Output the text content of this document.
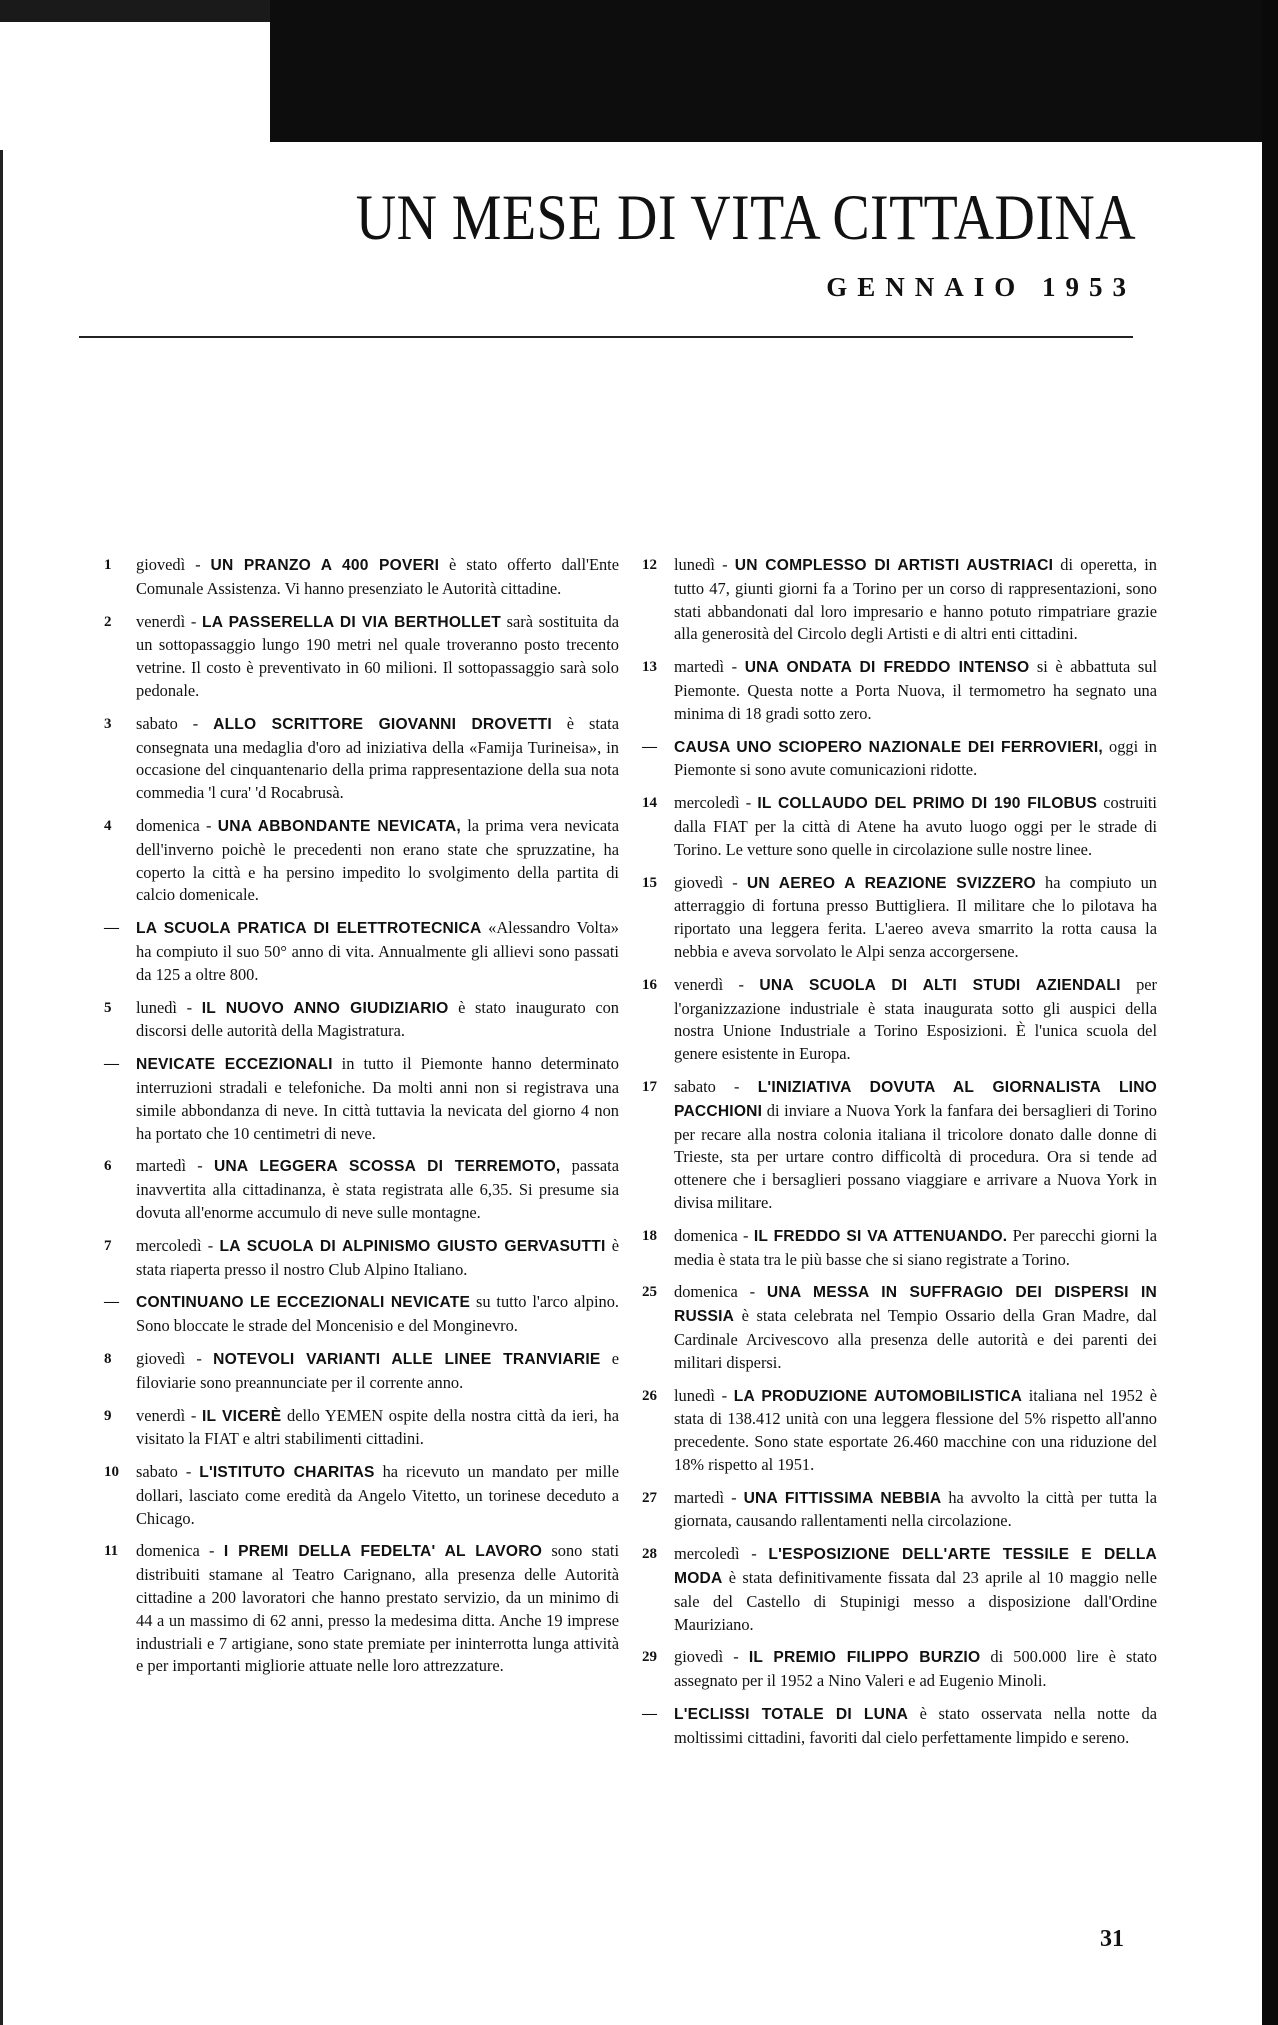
UN MESE DI VITA CITTADINA
GENNAIO 1953
1	giovedì - UN PRANZO A 400 POVERI è stato offerto dall'Ente Comunale Assistenza. Vi hanno presenziato le Autorità cittadine.
2	venerdì - LA PASSERELLA DI VIA BERTHOLLET sarà sostituita da un sottopassaggio lungo 190 metri nel quale troveranno posto trecento vetrine. Il costo è preventivato in 60 milioni. Il sottopassaggio sarà solo pedonale.
3	sabato - ALLO SCRITTORE GIOVANNI DROVETTI è stata consegnata una medaglia d'oro ad iniziativa della «Famija Turineisa», in occasione del cinquantenario della prima rappresentazione della sua nota commedia 'l cura' 'd Rocabrusà.
4	domenica - UNA ABBONDANTE NEVICATA, la prima vera nevicata dell'inverno poichè le precedenti non erano state che spruzzatine, ha coperto la città e ha persino impedito lo svolgimento della partita di calcio domenicale.
—	LA SCUOLA PRATICA DI ELETTROTECNICA «Alessandro Volta» ha compiuto il suo 50° anno di vita. Annualmente gli allievi sono passati da 125 a oltre 800.
5	lunedì - IL NUOVO ANNO GIUDIZIARIO è stato inaugurato con discorsi delle autorità della Magistratura.
—	NEVICATE ECCEZIONALI in tutto il Piemonte hanno determinato interruzioni stradali e telefoniche. Da molti anni non si registrava una simile abbondanza di neve. In città tuttavia la nevicata del giorno 4 non ha portato che 10 centimetri di neve.
6	martedì - UNA LEGGERA SCOSSA DI TERREMOTO, passata inavvertita alla cittadinanza, è stata registrata alle 6,35. Si presume sia dovuta all'enorme accumulo di neve sulle montagne.
7	mercoledì - LA SCUOLA DI ALPINISMO GIUSTO GERVASUTTI è stata riaperta presso il nostro Club Alpino Italiano.
—	CONTINUANO LE ECCEZIONALI NEVICATE su tutto l'arco alpino. Sono bloccate le strade del Moncenisio e del Monginevro.
8	giovedì - NOTEVOLI VARIANTI ALLE LINEE TRANVIARIE e filoviarie sono preannunciate per il corrente anno.
9	venerdì - IL VICERÈ dello YEMEN ospite della nostra città da ieri, ha visitato la FIAT e altri stabilimenti cittadini.
10	sabato - L'ISTITUTO CHARITAS ha ricevuto un mandato per mille dollari, lasciato come eredità da Angelo Vitetto, un torinese deceduto a Chicago.
11	domenica - I PREMI DELLA FEDELTA' AL LAVORO sono stati distribuiti stamane al Teatro Carignano, alla presenza delle Autorità cittadine a 200 lavoratori che hanno prestato servizio, da un minimo di 44 a un massimo di 62 anni, presso la medesima ditta. Anche 19 imprese industriali e 7 artigiane, sono state premiate per ininterrotta lunga attività e per importanti migliorie attuate nelle loro attrezzature.
12	lunedì - UN COMPLESSO DI ARTISTI AUSTRIACI di operetta, in tutto 47, giunti giorni fa a Torino per un corso di rappresentazioni, sono stati abbandonati dal loro impresario e hanno potuto rimpatriare grazie alla generosità del Circolo degli Artisti e di altri enti cittadini.
13	martedì - UNA ONDATA DI FREDDO INTENSO si è abbattuta sul Piemonte. Questa notte a Porta Nuova, il termometro ha segnato una minima di 18 gradi sotto zero.
—	CAUSA UNO SCIOPERO NAZIONALE DEI FERROVIERI, oggi in Piemonte si sono avute comunicazioni ridotte.
14	mercoledì - IL COLLAUDO DEL PRIMO DI 190 FILOBUS costruiti dalla FIAT per la città di Atene ha avuto luogo oggi per le strade di Torino. Le vetture sono quelle in circolazione sulle nostre linee.
15	giovedì - UN AEREO A REAZIONE SVIZZERO ha compiuto un atterraggio di fortuna presso Buttigliera. Il militare che lo pilotava ha riportato una leggera ferita. L'aereo aveva smarrito la rotta causa la nebbia e aveva sorvolato le Alpi senza accorgersene.
16	venerdì - UNA SCUOLA DI ALTI STUDI AZIENDALI per l'organizzazione industriale è stata inaugurata sotto gli auspici della nostra Unione Industriale a Torino Esposizioni. È l'unica scuola del genere esistente in Europa.
17	sabato - L'INIZIATIVA DOVUTA AL GIORNALISTA LINO PACCHIONI di inviare a Nuova York la fanfara dei bersaglieri di Torino per recare alla nostra colonia italiana il tricolore donato dalle donne di Trieste, sta per urtare contro difficoltà di procedura. Ora si tende ad ottenere che i bersaglieri possano viaggiare e arrivare a Nuova York in divisa militare.
18	domenica - IL FREDDO SI VA ATTENUANDO. Per parecchi giorni la media è stata tra le più basse che si siano registrate a Torino.
25	domenica - UNA MESSA IN SUFFRAGIO DEI DISPERSI IN RUSSIA è stata celebrata nel Tempio Ossario della Gran Madre, dal Cardinale Arcivescovo alla presenza delle autorità e dei parenti dei militari dispersi.
26	lunedì - LA PRODUZIONE AUTOMOBILISTICA italiana nel 1952 è stata di 138.412 unità con una leggera flessione del 5% rispetto all'anno precedente. Sono state esportate 26.460 macchine con una riduzione del 18% rispetto al 1951.
27	martedì - UNA FITTISSIMA NEBBIA ha avvolto la città per tutta la giornata, causando rallentamenti nella circolazione.
28	mercoledì - L'ESPOSIZIONE DELL'ARTE TESSILE E DELLA MODA è stata definitivamente fissata dal 23 aprile al 10 maggio nelle sale del Castello di Stupinigi messo a disposizione dall'Ordine Mauriziano.
29	giovedì - IL PREMIO FILIPPO BURZIO di 500.000 lire è stato assegnato per il 1952 a Nino Valeri e ad Eugenio Minoli.
—	L'ECLISSI TOTALE DI LUNA è stato osservata nella notte da moltissimi cittadini, favoriti dal cielo perfettamente limpido e sereno.
31
